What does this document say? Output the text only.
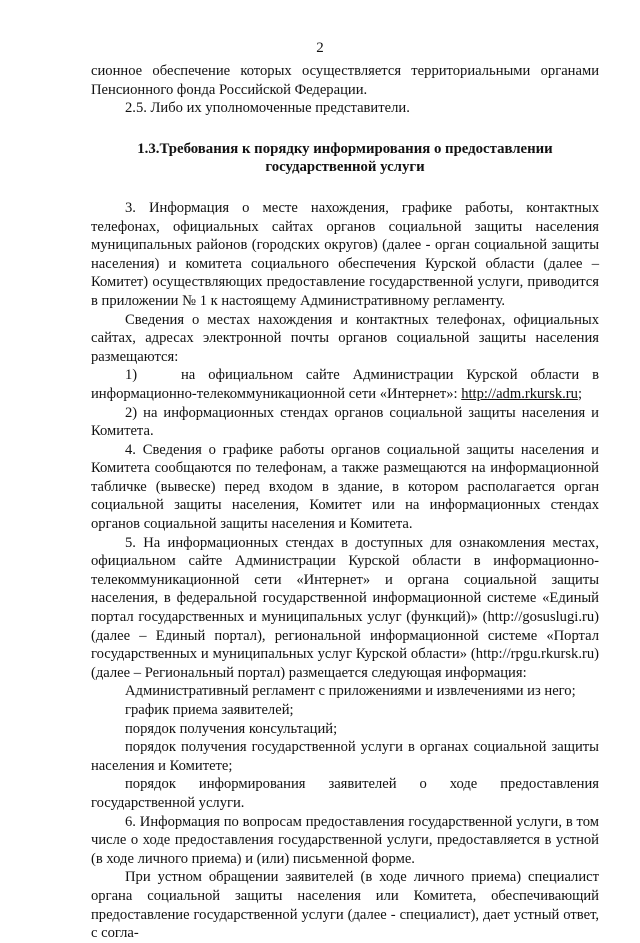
2

сионное обеспечение которых осуществляется территориальными органами Пенсионного фонда Российской Федерации.

2.5. Либо их уполномоченные представители.

1.3.Требования к порядку информирования о предоставлении государственной услуги

3. Информация о месте нахождения, графике работы, контактных телефонах, официальных сайтах органов социальной защиты населения муниципальных районов (городских округов) (далее - орган социальной защиты населения) и комитета социального обеспечения Курской области (далее – Комитет) осуществляющих предоставление государственной услуги, приводится в приложении № 1 к настоящему Административному регламенту.

Сведения о местах нахождения и контактных телефонах, официальных сайтах, адресах электронной почты органов социальной защиты населения размещаются:

1)	на официальном сайте Администрации Курской области в информационно-телекоммуникационной сети «Интернет»: http://adm.rkursk.ru;

2) на информационных стендах органов социальной защиты населения и Комитета.

4. Сведения о графике работы органов социальной защиты населения и Комитета сообщаются по телефонам, а также размещаются на информационной табличке (вывеске) перед входом в здание, в котором располагается орган социальной защиты населения, Комитет или на информационных стендах органов социальной защиты населения и Комитета.

5. На информационных стендах в доступных для ознакомления местах, официальном сайте Администрации Курской области в информационно-телекоммуникационной сети «Интернет» и органа социальной защиты населения, в федеральной государственной информационной системе «Единый портал государственных и муниципальных услуг (функций)» (http://gosuslugi.ru) (далее – Единый портал), региональной информационной системе «Портал государственных и муниципальных услуг Курской области» (http://rpgu.rkursk.ru) (далее – Региональный портал) размещается следующая информация:

Административный регламент с приложениями и извлечениями из него;

график приема заявителей;

порядок получения консультаций;

порядок получения государственной услуги в органах социальной защиты населения и Комитете;

порядок информирования заявителей о ходе предоставления государственной услуги.

6. Информация по вопросам предоставления государственной услуги, в том числе о ходе предоставления государственной услуги, предоставляется в устной (в ходе личного приема) и (или) письменной форме.

При устном обращении заявителей (в ходе личного приема) специалист органа социальной защиты населения или Комитета, обеспечивающий предоставление государственной услуги (далее - специалист), дает устный ответ, с согла-
